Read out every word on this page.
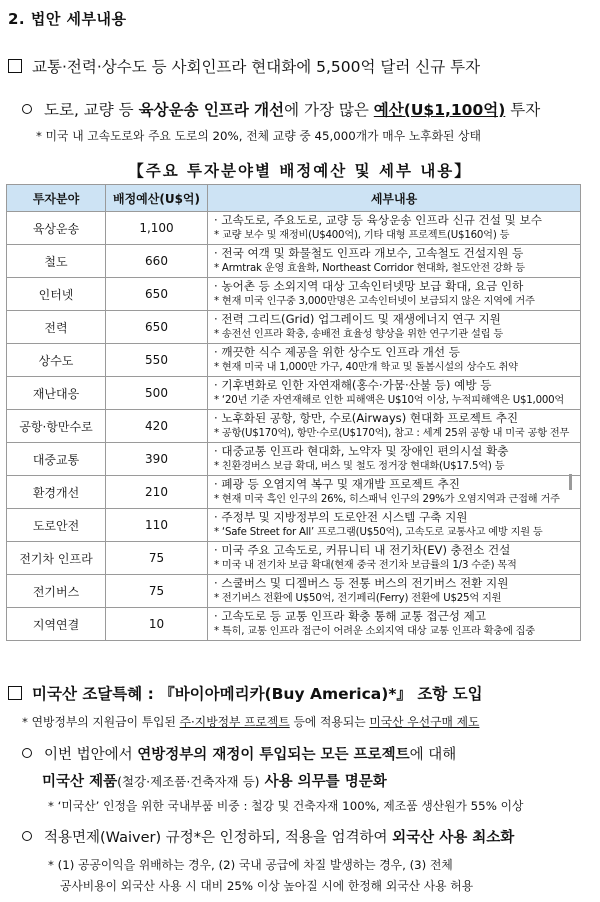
2. 법안 세부내용
교통·전력·상수도 등 사회인프라 현대화에 5,500억 달러 신규 투자
도로, 교량 등 육상운송 인프라 개선에 가장 많은 예산(U$1,100억) 투자
* 미국 내 고속도로와 주요 도로의 20%, 전체 교량 중 45,000개가 매우 노후화된 상태
【주요 투자분야별 배정예산 및 세부 내용】
투자분야	배정예산(U$억)	세부내용
육상운송	1,100	· 고속도로, 주요도로, 교량 등 육상운송 인프라 신규 건설 및 보수
* 교량 보수 및 재정비(U$400억), 기타 대형 프로젝트(U$160억) 등

철도	660	· 전국 여객 및 화물철도 인프라 개보수, 고속철도 건설지원 등
* Armtrak 운영 효율화, Northeast Corridor 현대화, 철도안전 강화 등

인터넷	650	· 농어촌 등 소외지역 대상 고속인터넷망 보급 확대, 요금 인하
* 현재 미국 인구중 3,000만명은 고속인터넷이 보급되지 않은 지역에 거주

전력	650	· 전력 그리드(Grid) 업그레이드 및 재생에너지 연구 지원
* 송전선 인프라 확충, 송배전 효율성 향상을 위한 연구기관 설립 등

상수도	550	· 깨끗한 식수 제공을 위한 상수도 인프라 개선 등
* 현재 미국 내 1,000만 가구, 40만개 학교 및 돌봄시설의 상수도 취약

재난대응	500	· 기후변화로 인한 자연재해(홍수·가뭄·산불 등) 예방 등
* ‘20년 기준 자연재해로 인한 피해액은 U$10억 이상, 누적피해액은 U$1,000억

공항·항만수로	420	· 노후화된 공항, 항만, 수로(Airways) 현대화 프로젝트 추진
* 공항(U$170억), 항만·수로(U$170억), 참고 : 세계 25위 공항 내 미국 공항 전무

대중교통	390	· 대중교통 인프라 현대화, 노약자 및 장애인 편의시설 확충
* 친환경버스 보급 확대, 버스 및 철도 정거장 현대화(U$17.5억) 등

환경개선	210	· 폐광 등 오염지역 복구 및 재개발 프로젝트 추진
* 현재 미국 흑인 인구의 26%, 히스패닉 인구의 29%가 오염지역과 근접해 거주

도로안전	110	· 주정부 및 지방정부의 도로안전 시스템 구축 지원
* ‘Safe Street for All’ 프로그램(U$50억), 고속도로 교통사고 예방 지원 등

전기차 인프라	75	· 미국 주요 고속도로, 커뮤니티 내 전기차(EV) 충전소 건설
* 미국 내 전기차 보급 확대(현재 중국 전기차 보급률의 1/3 수준) 목적

전기버스	75	· 스쿨버스 및 디젤버스 등 전통 버스의 전기버스 전환 지원
* 전기버스 전환에 U$50억, 전기페리(Ferry) 전환에 U$25억 지원

지역연결	10	· 고속도로 등 교통 인프라 확충 통해 교통 접근성 제고
* 특히, 교통 인프라 접근이 어려운 소외지역 대상 교통 인프라 확충에 집중
미국산 조달특혜 : 『바이아메리카(Buy America)*』 조항 도입
* 연방정부의 지원금이 투입된 주·지방정부 프로젝트 등에 적용되는 미국산 우선구매 제도
이번 법안에서 연방정부의 재정이 투입되는 모든 프로젝트에 대해
미국산 제품(철강·제조품·건축자재 등) 사용 의무를 명문화
* ‘미국산’ 인정을 위한 국내부품 비중 : 철강 및 건축자재 100%, 제조품 생산원가 55% 이상
적용면제(Waiver) 규정*은 인정하되, 적용을 엄격하여 외국산 사용 최소화
* (1) 공공이익을 위배하는 경우, (2) 국내 공급에 차질 발생하는 경우, (3) 전체
공사비용이 외국산 사용 시 대비 25% 이상 높아질 시에 한정해 외국산 사용 허용
